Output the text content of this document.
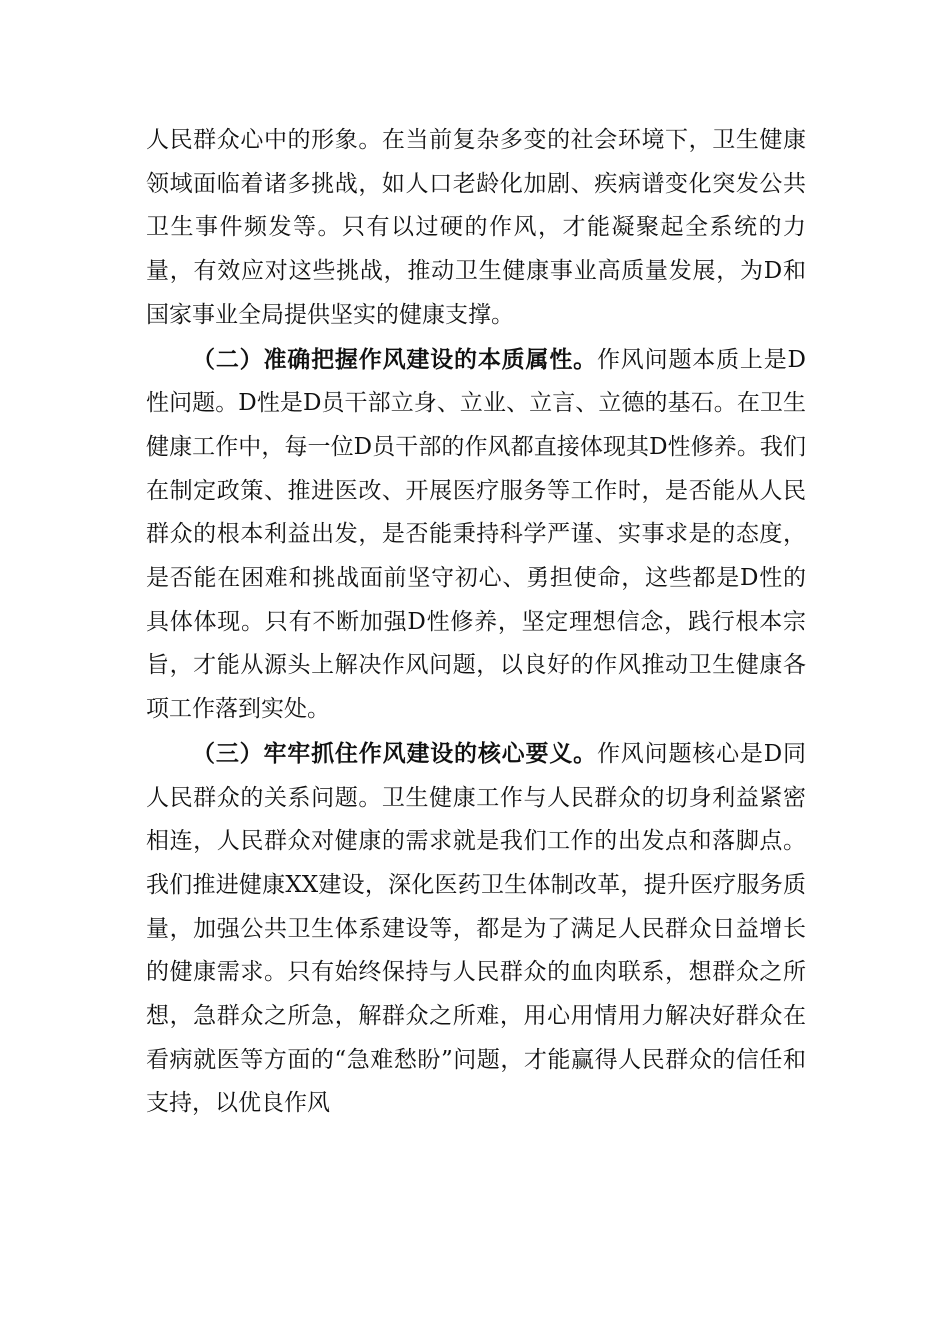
人民群众心中的形象。在当前复杂多变的社会环境下，卫生健康领域面临着诸多挑战，如人口老龄化加剧、疾病谱变化突发公共卫生事件频发等。只有以过硬的作风，才能凝聚起全系统的力量，有效应对这些挑战，推动卫生健康事业高质量发展，为D和国家事业全局提供坚实的健康支撑。

（二）准确把握作风建设的本质属性。作风问题本质上是D性问题。D性是D员干部立身、立业、立言、立德的基石。在卫生健康工作中，每一位D员干部的作风都直接体现其D性修养。我们在制定政策、推进医改、开展医疗服务等工作时，是否能从人民群众的根本利益出发，是否能秉持科学严谨、实事求是的态度，是否能在困难和挑战面前坚守初心、勇担使命，这些都是D性的具体体现。只有不断加强D性修养，坚定理想信念，践行根本宗旨，才能从源头上解决作风问题，以良好的作风推动卫生健康各项工作落到实处。

（三）牢牢抓住作风建设的核心要义。作风问题核心是D同人民群众的关系问题。卫生健康工作与人民群众的切身利益紧密相连，人民群众对健康的需求就是我们工作的出发点和落脚点。我们推进健康XX建设，深化医药卫生体制改革，提升医疗服务质量，加强公共卫生体系建设等，都是为了满足人民群众日益增长的健康需求。只有始终保持与人民群众的血肉联系，想群众之所想，急群众之所急，解群众之所难，用心用情用力解决好群众在看病就医等方面的“急难愁盼”问题，才能赢得人民群众的信任和支持，以优良作风
